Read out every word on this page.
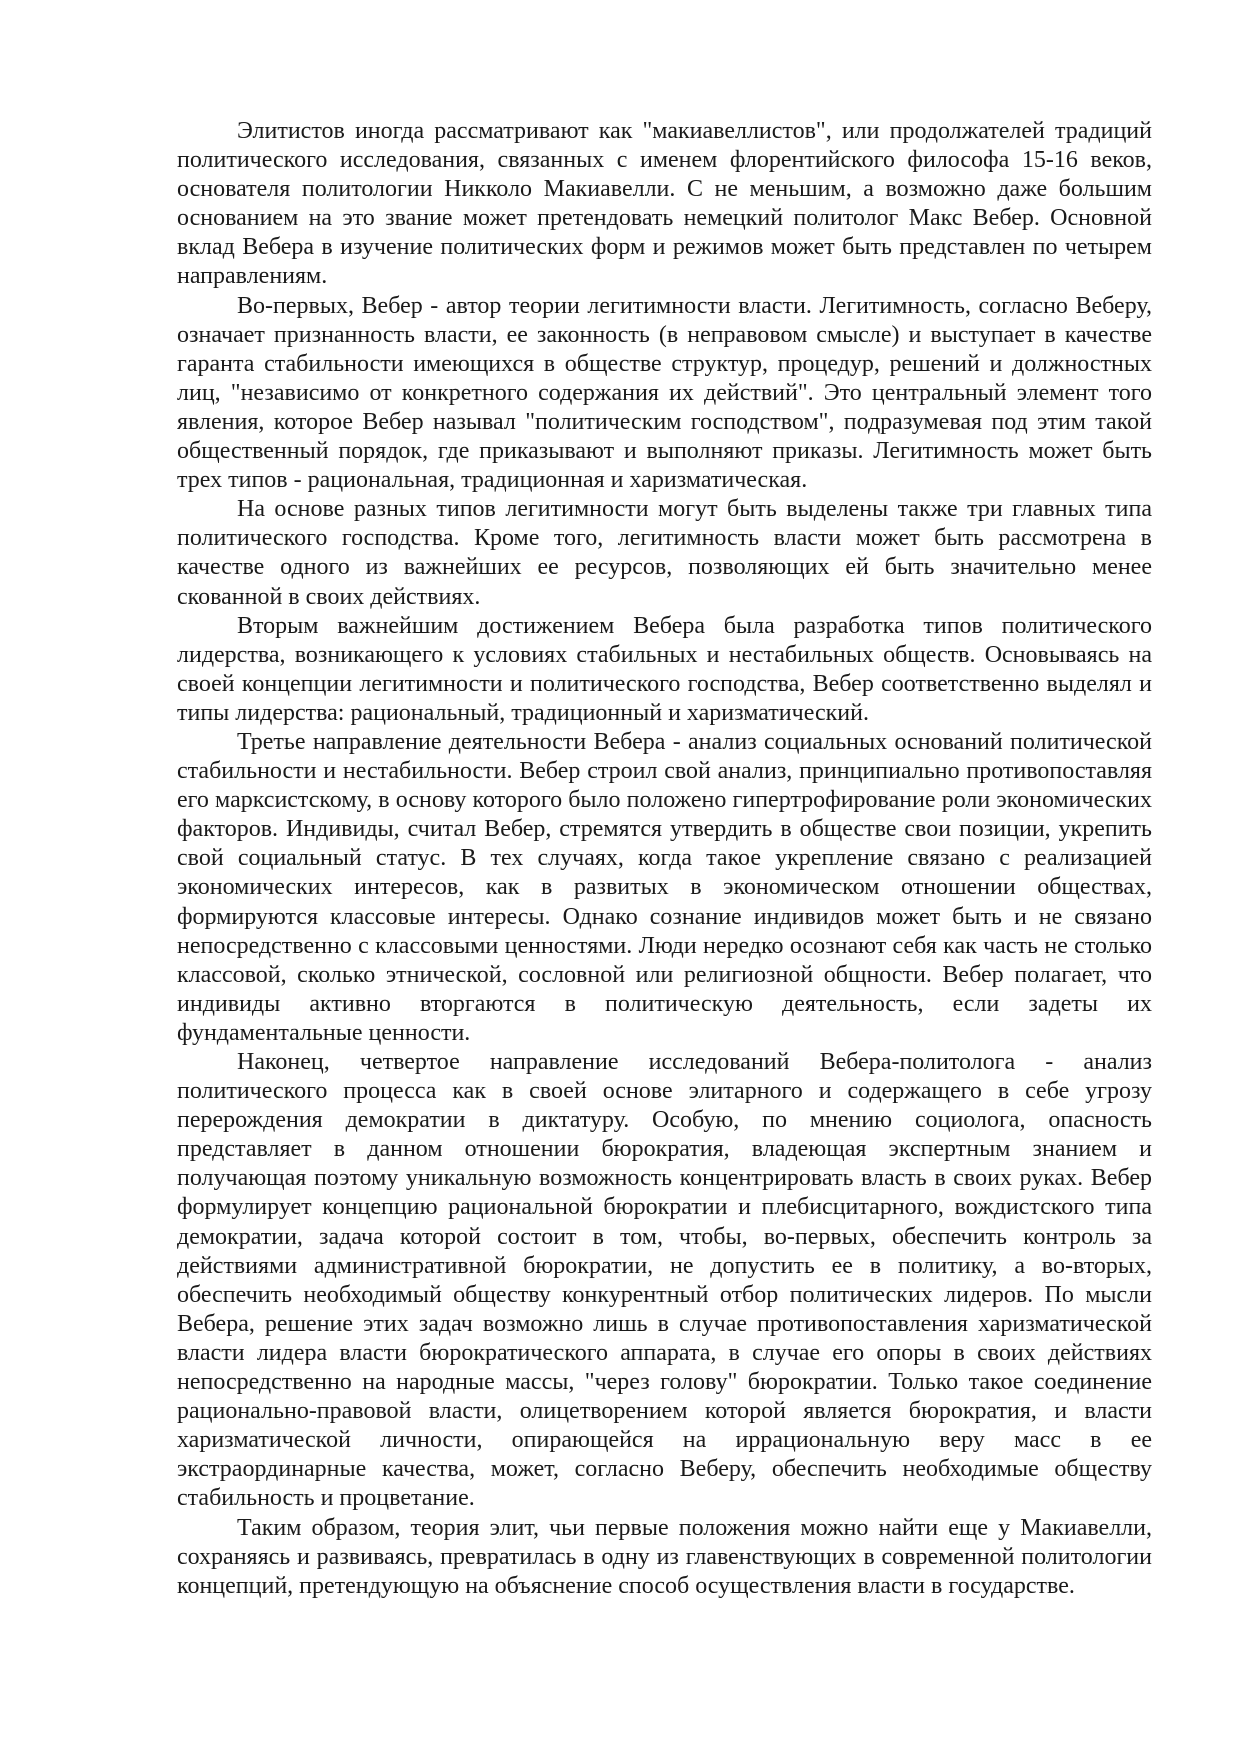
Элитистов иногда рассматривают как "макиавеллистов", или продолжателей традиций политического исследования, связанных с именем флорентийского философа 15-16 веков, основателя политологии Никколо Макиавелли. С не меньшим, а возможно даже большим основанием на это звание может претендовать немецкий политолог Макс Вебер. Основной вклад Вебера в изучение политических форм и режимов может быть представлен по четырем направлениям.

Во-первых, Вебер - автор теории легитимности власти. Легитимность, согласно Веберу, означает признанность власти, ее законность (в неправовом смысле) и выступает в качестве гаранта стабильности имеющихся в обществе структур, процедур, решений и должностных лиц, "независимо от конкретного содержания их действий". Это центральный элемент того явления, которое Вебер называл "политическим господством", подразумевая под этим такой общественный порядок, где приказывают и выполняют приказы. Легитимность может быть трех типов - рациональная, традиционная и харизматическая.

На основе разных типов легитимности могут быть выделены также три главных типа политического господства. Кроме того, легитимность власти может быть рассмотрена в качестве одного из важнейших ее ресурсов, позволяющих ей быть значительно менее скованной в своих действиях.

Вторым важнейшим достижением Вебера была разработка типов политического лидерства, возникающего к условиях стабильных и нестабильных обществ. Основываясь на своей концепции легитимности и политического господства, Вебер соответственно выделял и типы лидерства: рациональный, традиционный и харизматический.

Третье направление деятельности Вебера - анализ социальных оснований политической стабильности и нестабильности. Вебер строил свой анализ, принципиально противопоставляя его марксистскому, в основу которого было положено гипертрофирование роли экономических факторов. Индивиды, считал Вебер, стремятся утвердить в обществе свои позиции, укрепить свой социальный статус. В тех случаях, когда такое укрепление связано с реализацией экономических интересов, как в развитых в экономическом отношении обществах, формируются классовые интересы. Однако сознание индивидов может быть и не связано непосредственно с классовыми ценностями. Люди нередко осознают себя как часть не столько классовой, сколько этнической, сословной или религиозной общности. Вебер полагает, что индивиды активно вторгаются в политическую деятельность, если задеты их фундаментальные ценности.

Наконец, четвертое направление исследований Вебера-политолога - анализ политического процесса как в своей основе элитарного и содержащего в себе угрозу перерождения демократии в диктатуру. Особую, по мнению социолога, опасность представляет в данном отношении бюрократия, владеющая экспертным знанием и получающая поэтому уникальную возможность концентрировать власть в своих руках. Вебер формулирует концепцию рациональной бюрократии и плебисцитарного, вождистского типа демократии, задача которой состоит в том, чтобы, во-первых, обеспечить контроль за действиями административной бюрократии, не допустить ее в политику, а во-вторых, обеспечить необходимый обществу конкурентный отбор политических лидеров. По мысли Вебера, решение этих задач возможно лишь в случае противопоставления харизматической власти лидера власти бюрократического аппарата, в случае его опоры в своих действиях непосредственно на народные массы, "через голову" бюрократии. Только такое соединение рационально-правовой власти, олицетворением которой является бюрократия, и власти харизматической личности, опирающейся на иррациональную веру масс в ее экстраординарные качества, может, согласно Веберу, обеспечить необходимые обществу стабильность и процветание.

Таким образом, теория элит, чьи первые положения можно найти еще у Макиавелли, сохраняясь и развиваясь, превратилась в одну из главенствующих в современной политологии концепций, претендующую на объяснение способ осуществления власти в государстве.
